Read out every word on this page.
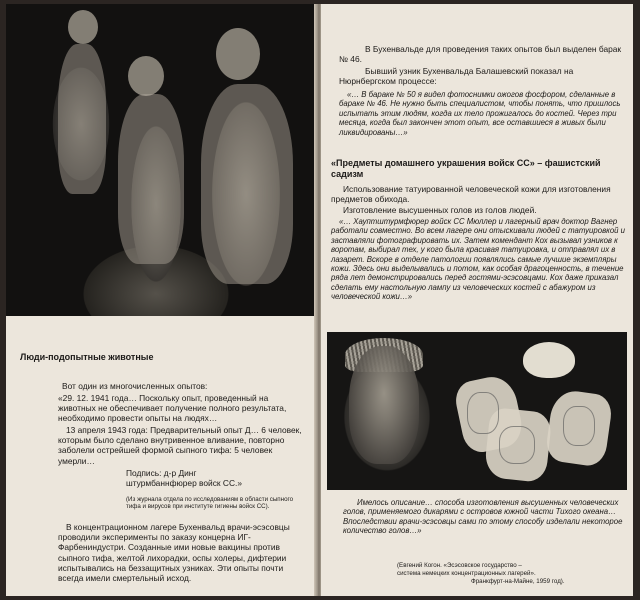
Люди-подопытные животные

Вот один из многочисленных опытов:

«29. 12. 1941 года… Поскольку опыт, проведенный на животных не обеспечивает получение полного результата, необходимо провести опыты на людях…

13 апреля 1943 года: Предварительный опыт Д… 6 человек, которым было сделано внутривенное вливание, повторно заболели острейшей формой сыпного тифа: 5 человек умерли…

Подпись: д-р Динг

штурмбаннфюрер войск СС.»

(Из журнала отдела по исследованиям в области сыпного тифа и вирусов при институте гигиены войск СС).

В концентрационном лагере Бухенвальд врачи-эсэсовцы проводили эксперименты по заказу концерна ИГ-Фарбениндустри. Созданные ими новые вакцины против сыпного тифа, желтой лихорадки, оспы холеры, дифтерии испытывались на беззащитных узниках. Эти опыты почти всегда имели смертельный исход.

В Бухенвальде для проведения таких опытов был выделен барак № 46.

Бывший узник Бухенвальда Балашевский показал на Нюрнбергском процессе:

«… В бараке № 50 я видел фотоснимки ожогов фосфором, сделанные в бараке № 46. Не нужно быть специалистом, чтобы понять, что пришлось испытать этим людям, когда их тело прожигалось до костей. Через три месяца, когда был закончен этот опыт, все оставшиеся в живых были ликвидированы…»

«Предметы домашнего украшения войск СС» – фашистский садизм

Использование татуированной человеческой кожи для изготовления предметов обихода.

Изготовление высушенных голов из голов людей.

«… Хауптштурмфюрер войск СС Мюллер и лагерный врач доктор Вагнер работали совместно. Во всем лагере они отыскивали людей с татуировкой и заставляли фотографировать их. Затем комендант Кох вызывал узников к воротам, выбирал тех, у кого была красивая татуировка, и отправлял их в лазарет. Вскоре в отделе патологии появлялись самые лучшие экземпляры кожи. Здесь они выделывались и потом, как особая драгоценность, в течение ряда лет демонстрировались перед гостями-эсэсовцами. Кох даже приказал сделать ему настольную лампу из человеческих костей с абажуром из человеческой кожи…»

Имелось описание… способа изготовления высушенных человеческих голов, применяемого дикарями с островов южной части Тихого океана… Впоследствии врачи-эсэсовцы сами по этому способу изделали некоторое количество голов…»

(Евгений Когон. «Эсэсовское государство –

система немецких концентрационных лагерей».

Франкфурт-на-Майне, 1959 год).
